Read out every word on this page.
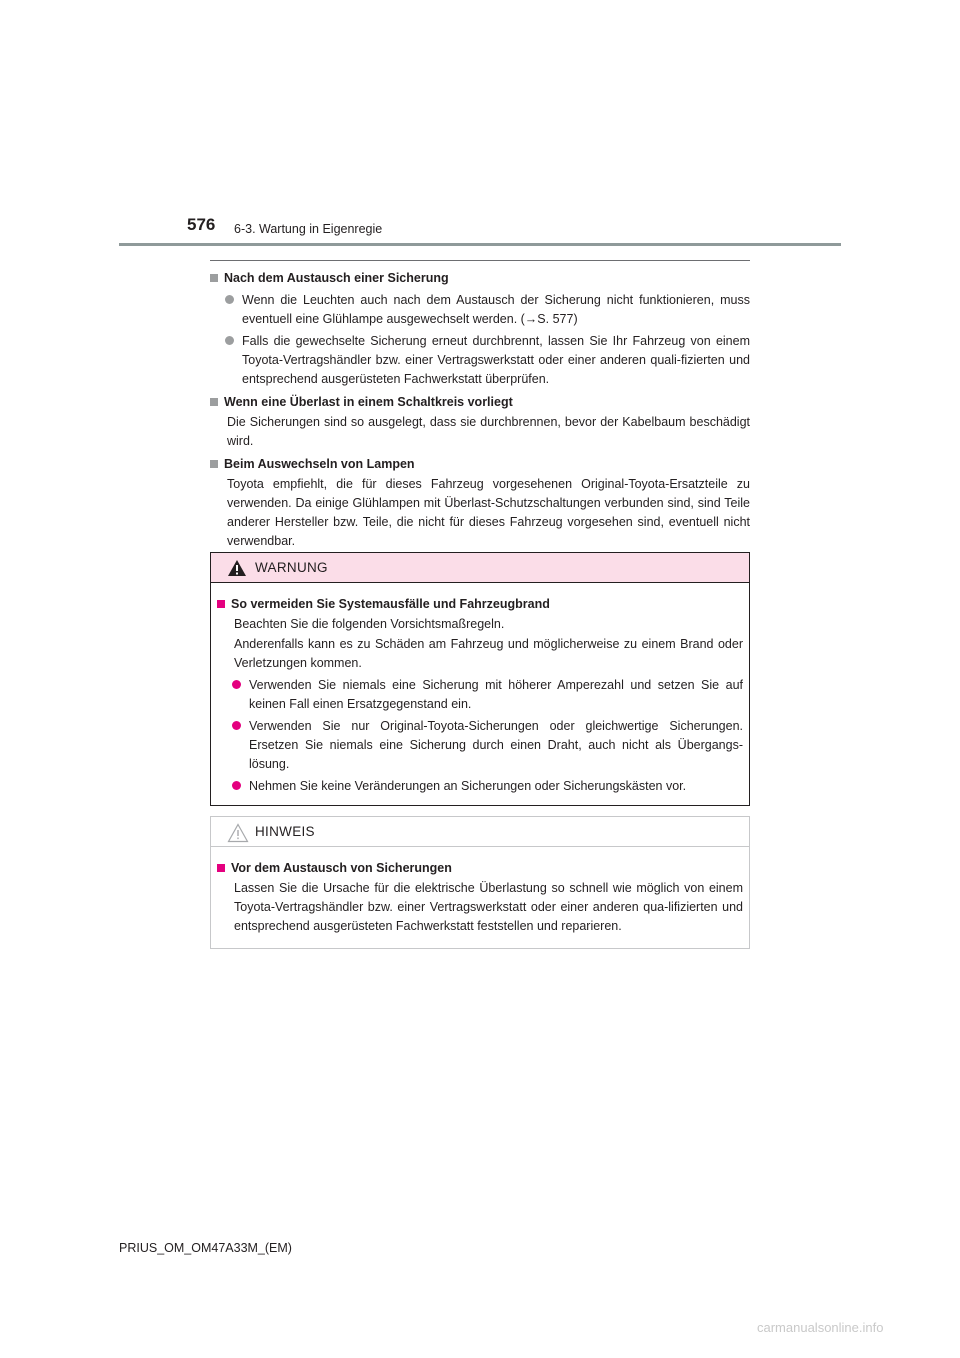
576 6-3. Wartung in Eigenregie
Nach dem Austausch einer Sicherung
Wenn die Leuchten auch nach dem Austausch der Sicherung nicht funktionieren, muss eventuell eine Glühlampe ausgewechselt werden. (→S. 577)
Falls die gewechselte Sicherung erneut durchbrennt, lassen Sie Ihr Fahrzeug von einem Toyota-Vertragshändler bzw. einer Vertragswerkstatt oder einer anderen quali-fizierten und entsprechend ausgerüsteten Fachwerkstatt überprüfen.
Wenn eine Überlast in einem Schaltkreis vorliegt
Die Sicherungen sind so ausgelegt, dass sie durchbrennen, bevor der Kabelbaum beschädigt wird.
Beim Auswechseln von Lampen
Toyota empfiehlt, die für dieses Fahrzeug vorgesehenen Original-Toyota-Ersatzteile zu verwenden. Da einige Glühlampen mit Überlast-Schutzschaltungen verbunden sind, sind Teile anderer Hersteller bzw. Teile, die nicht für dieses Fahrzeug vorgesehen sind, eventuell nicht verwendbar.
WARNUNG
So vermeiden Sie Systemausfälle und Fahrzeugbrand
Beachten Sie die folgenden Vorsichtsmaßregeln.
Anderenfalls kann es zu Schäden am Fahrzeug und möglicherweise zu einem Brand oder Verletzungen kommen.
Verwenden Sie niemals eine Sicherung mit höherer Amperezahl und setzen Sie auf keinen Fall einen Ersatzgegenstand ein.
Verwenden Sie nur Original-Toyota-Sicherungen oder gleichwertige Sicherungen. Ersetzen Sie niemals eine Sicherung durch einen Draht, auch nicht als Übergangs-lösung.
Nehmen Sie keine Veränderungen an Sicherungen oder Sicherungskästen vor.
HINWEIS
Vor dem Austausch von Sicherungen
Lassen Sie die Ursache für die elektrische Überlastung so schnell wie möglich von einem Toyota-Vertragshändler bzw. einer Vertragswerkstatt oder einer anderen qua-lifizierten und entsprechend ausgerüsteten Fachwerkstatt feststellen und reparieren.
PRIUS_OM_OM47A33M_(EM)
carmanualsonline.info
